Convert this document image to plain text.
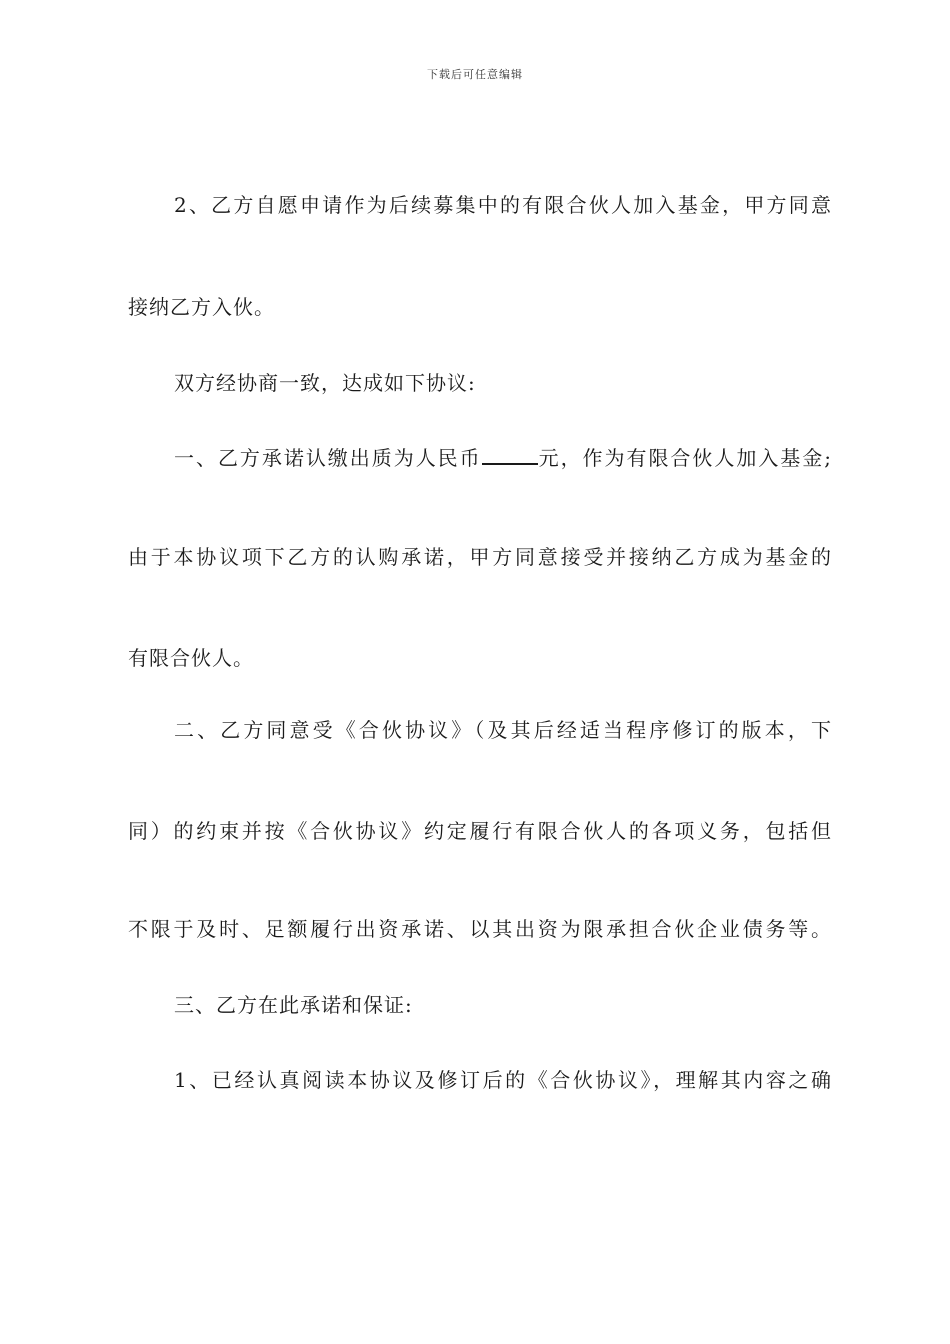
下载后可任意编辑
2、乙方自愿申请作为后续募集中的有限合伙人加入基金，甲方同意
接纳乙方入伙。
双方经协商一致，达成如下协议:
一、乙方承诺认缴出质为人民币	元，作为有限合伙人加入基金;
由于本协议项下乙方的认购承诺，甲方同意接受并接纳乙方成为基金的
有限合伙人。
二、乙方同意受《合伙协议》（及其后经适当程序修订的版本，下
同）的约束并按《合伙协议》约定履行有限合伙人的各项义务，包括但
不限于及时、足额履行出资承诺、以其出资为限承担合伙企业债务等。
三、乙方在此承诺和保证:
1、已经认真阅读本协议及修订后的《合伙协议》，理解其内容之确
